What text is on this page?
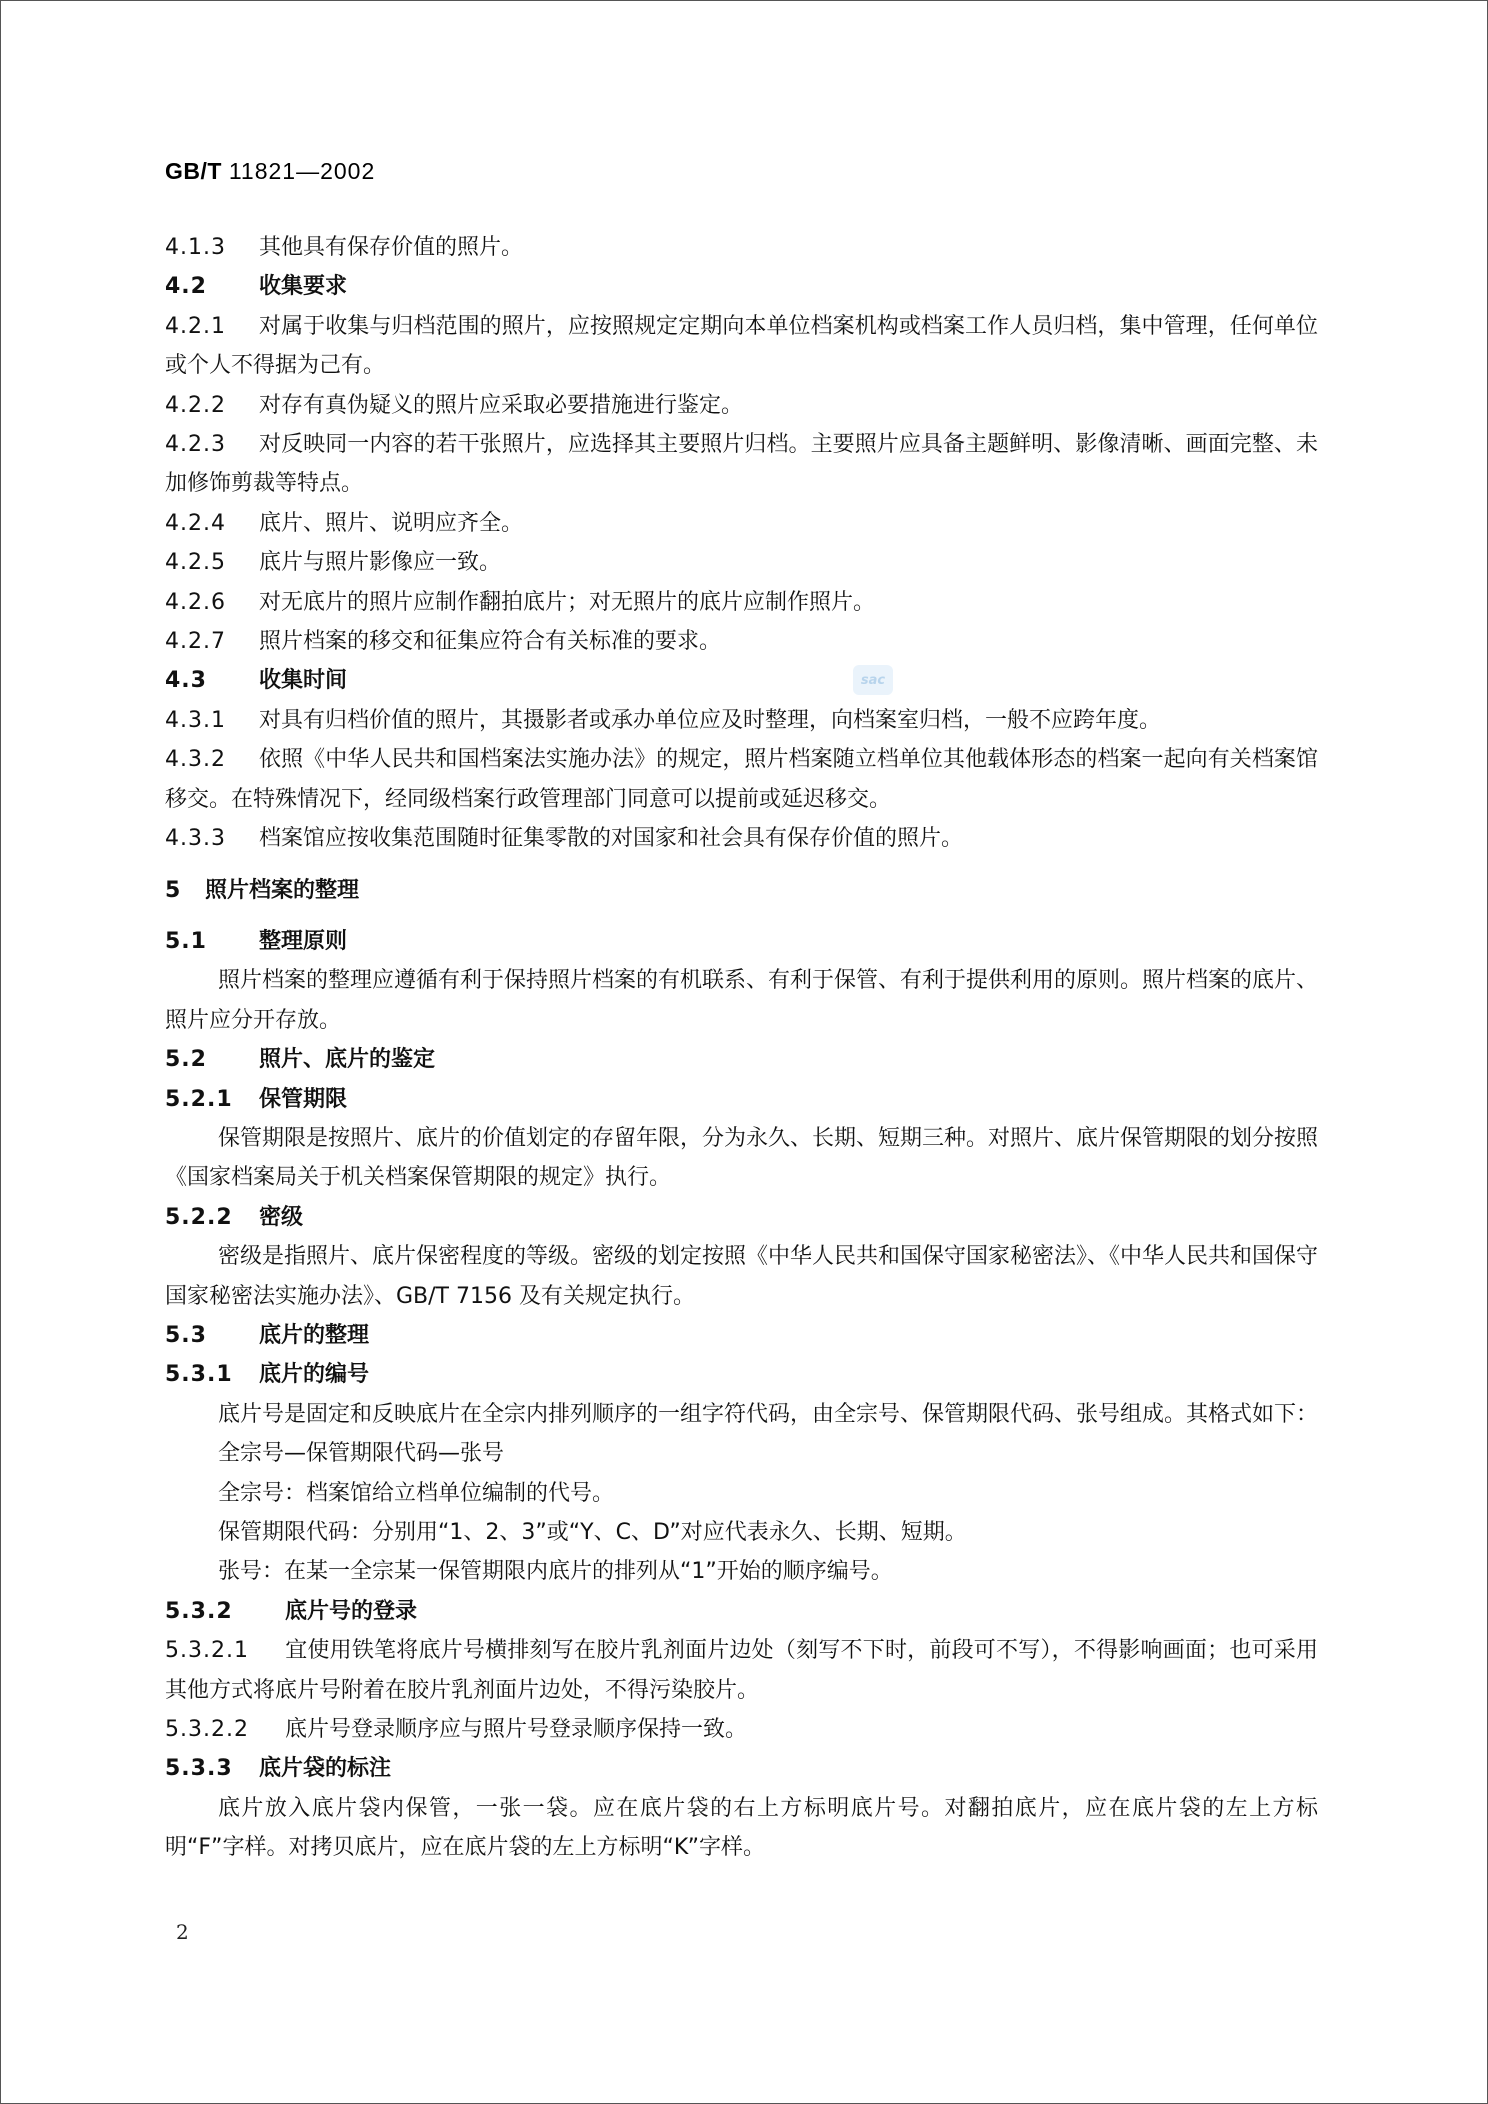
GB/T 11821—2002
sac
4.1.3 其他具有保存价值的照片。
4.2 收集要求
4.2.1 对属于收集与归档范围的照片，应按照规定定期向本单位档案机构或档案工作人员归档，集中管理，任何单位或个人不得据为己有。
4.2.2 对存有真伪疑义的照片应采取必要措施进行鉴定。
4.2.3 对反映同一内容的若干张照片，应选择其主要照片归档。主要照片应具备主题鲜明、影像清晰、画面完整、未加修饰剪裁等特点。
4.2.4 底片、照片、说明应齐全。
4.2.5 底片与照片影像应一致。
4.2.6 对无底片的照片应制作翻拍底片；对无照片的底片应制作照片。
4.2.7 照片档案的移交和征集应符合有关标准的要求。
4.3 收集时间
4.3.1 对具有归档价值的照片，其摄影者或承办单位应及时整理，向档案室归档，一般不应跨年度。
4.3.2 依照《中华人民共和国档案法实施办法》的规定，照片档案随立档单位其他载体形态的档案一起向有关档案馆移交。在特殊情况下，经同级档案行政管理部门同意可以提前或延迟移交。
4.3.3 档案馆应按收集范围随时征集零散的对国家和社会具有保存价值的照片。
5 照片档案的整理
5.1 整理原则
照片档案的整理应遵循有利于保持照片档案的有机联系、有利于保管、有利于提供利用的原则。照片档案的底片、照片应分开存放。
5.2 照片、底片的鉴定
5.2.1 保管期限
保管期限是按照片、底片的价值划定的存留年限，分为永久、长期、短期三种。对照片、底片保管期限的划分按照《国家档案局关于机关档案保管期限的规定》执行。
5.2.2 密级
密级是指照片、底片保密程度的等级。密级的划定按照《中华人民共和国保守国家秘密法》、《中华人民共和国保守国家秘密法实施办法》、GB/T 7156 及有关规定执行。
5.3 底片的整理
5.3.1 底片的编号
底片号是固定和反映底片在全宗内排列顺序的一组字符代码，由全宗号、保管期限代码、张号组成。其格式如下：
全宗号—保管期限代码—张号
全宗号：档案馆给立档单位编制的代号。
保管期限代码：分别用“1、2、3”或“Y、C、D”对应代表永久、长期、短期。
张号：在某一全宗某一保管期限内底片的排列从“1”开始的顺序编号。
5.3.2 底片号的登录
5.3.2.1 宜使用铁笔将底片号横排刻写在胶片乳剂面片边处（刻写不下时，前段可不写），不得影响画面；也可采用其他方式将底片号附着在胶片乳剂面片边处，不得污染胶片。
5.3.2.2 底片号登录顺序应与照片号登录顺序保持一致。
5.3.3 底片袋的标注
底片放入底片袋内保管，一张一袋。应在底片袋的右上方标明底片号。对翻拍底片，应在底片袋的左上方标明“F”字样。对拷贝底片，应在底片袋的左上方标明“K”字样。
2
